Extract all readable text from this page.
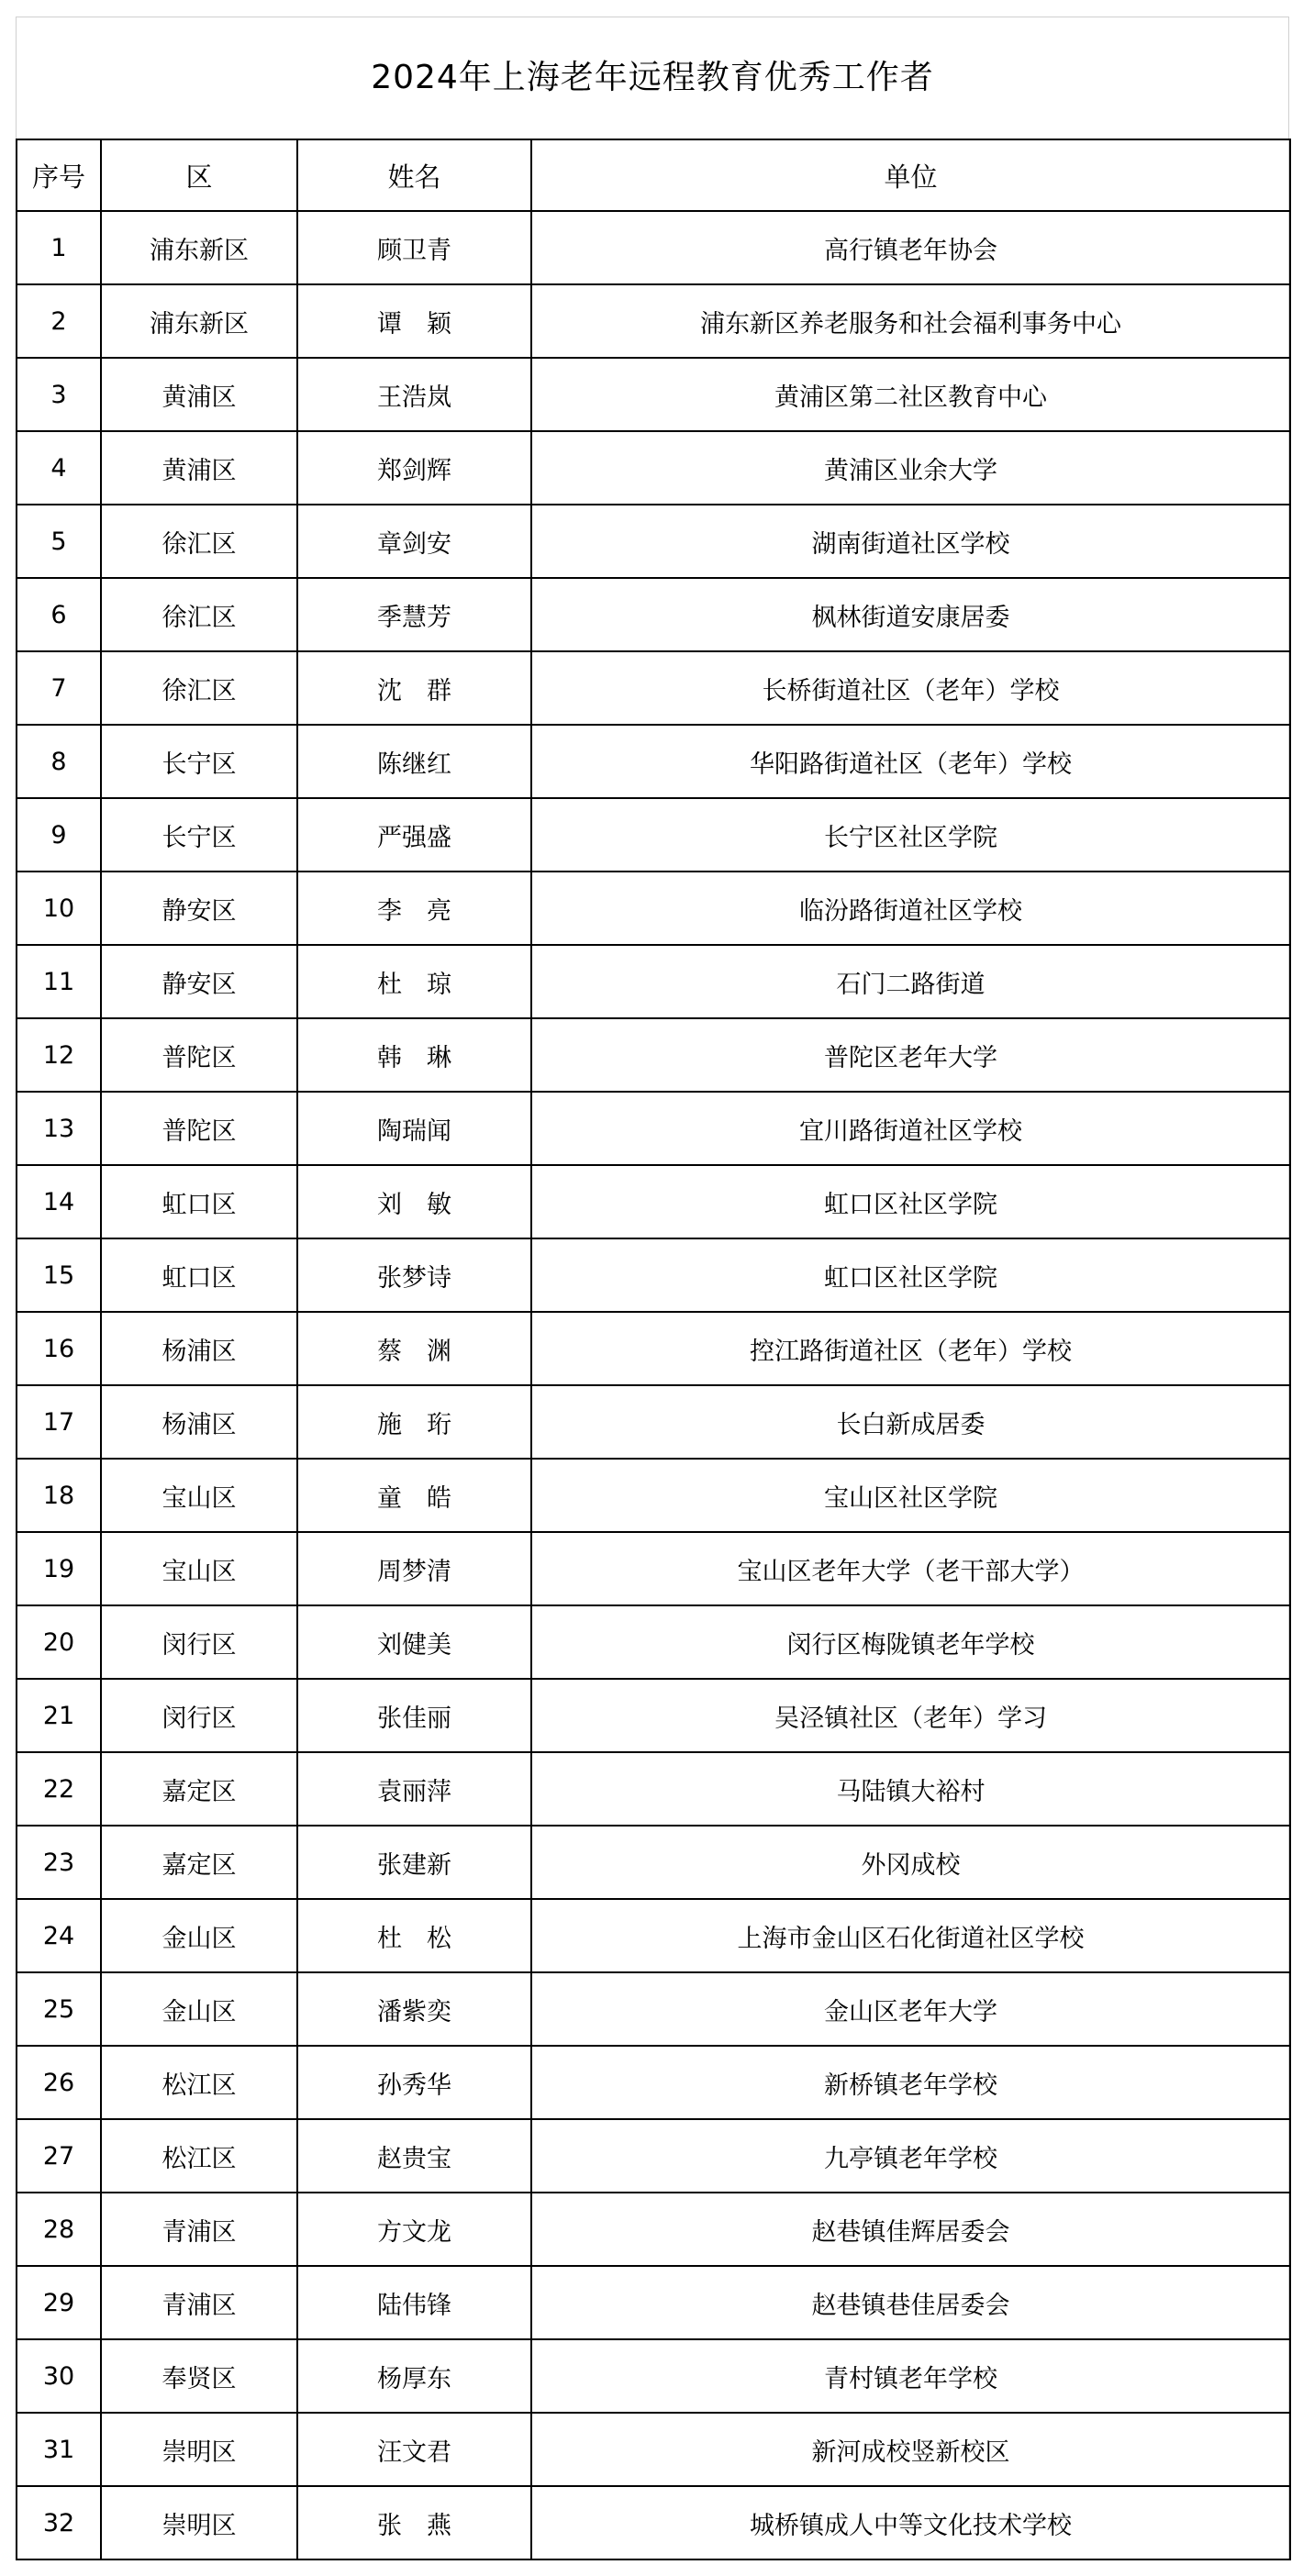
2024年上海老年远程教育优秀工作者
序号	区	姓名	单位
1	浦东新区	顾卫青	高行镇老年协会
2	浦东新区	谭　颖	浦东新区养老服务和社会福利事务中心
3	黄浦区	王浩岚	黄浦区第二社区教育中心
4	黄浦区	郑剑辉	黄浦区业余大学
5	徐汇区	章剑安	湖南街道社区学校
6	徐汇区	季慧芳	枫林街道安康居委
7	徐汇区	沈　群	长桥街道社区（老年）学校
8	长宁区	陈继红	华阳路街道社区（老年）学校
9	长宁区	严强盛	长宁区社区学院
10	静安区	李　亮	临汾路街道社区学校
11	静安区	杜　琼	石门二路街道
12	普陀区	韩　琳	普陀区老年大学
13	普陀区	陶瑞闻	宜川路街道社区学校
14	虹口区	刘　敏	虹口区社区学院
15	虹口区	张梦诗	虹口区社区学院
16	杨浦区	蔡　渊	控江路街道社区（老年）学校
17	杨浦区	施　珩	长白新成居委
18	宝山区	童　皓	宝山区社区学院
19	宝山区	周梦清	宝山区老年大学（老干部大学）
20	闵行区	刘健美	闵行区梅陇镇老年学校
21	闵行区	张佳丽	吴泾镇社区（老年）学习
22	嘉定区	袁丽萍	马陆镇大裕村
23	嘉定区	张建新	外冈成校
24	金山区	杜　松	上海市金山区石化街道社区学校
25	金山区	潘紫奕	金山区老年大学
26	松江区	孙秀华	新桥镇老年学校
27	松江区	赵贵宝	九亭镇老年学校
28	青浦区	方文龙	赵巷镇佳辉居委会
29	青浦区	陆伟锋	赵巷镇巷佳居委会
30	奉贤区	杨厚东	青村镇老年学校
31	崇明区	汪文君	新河成校竖新校区
32	崇明区	张　燕	城桥镇成人中等文化技术学校
